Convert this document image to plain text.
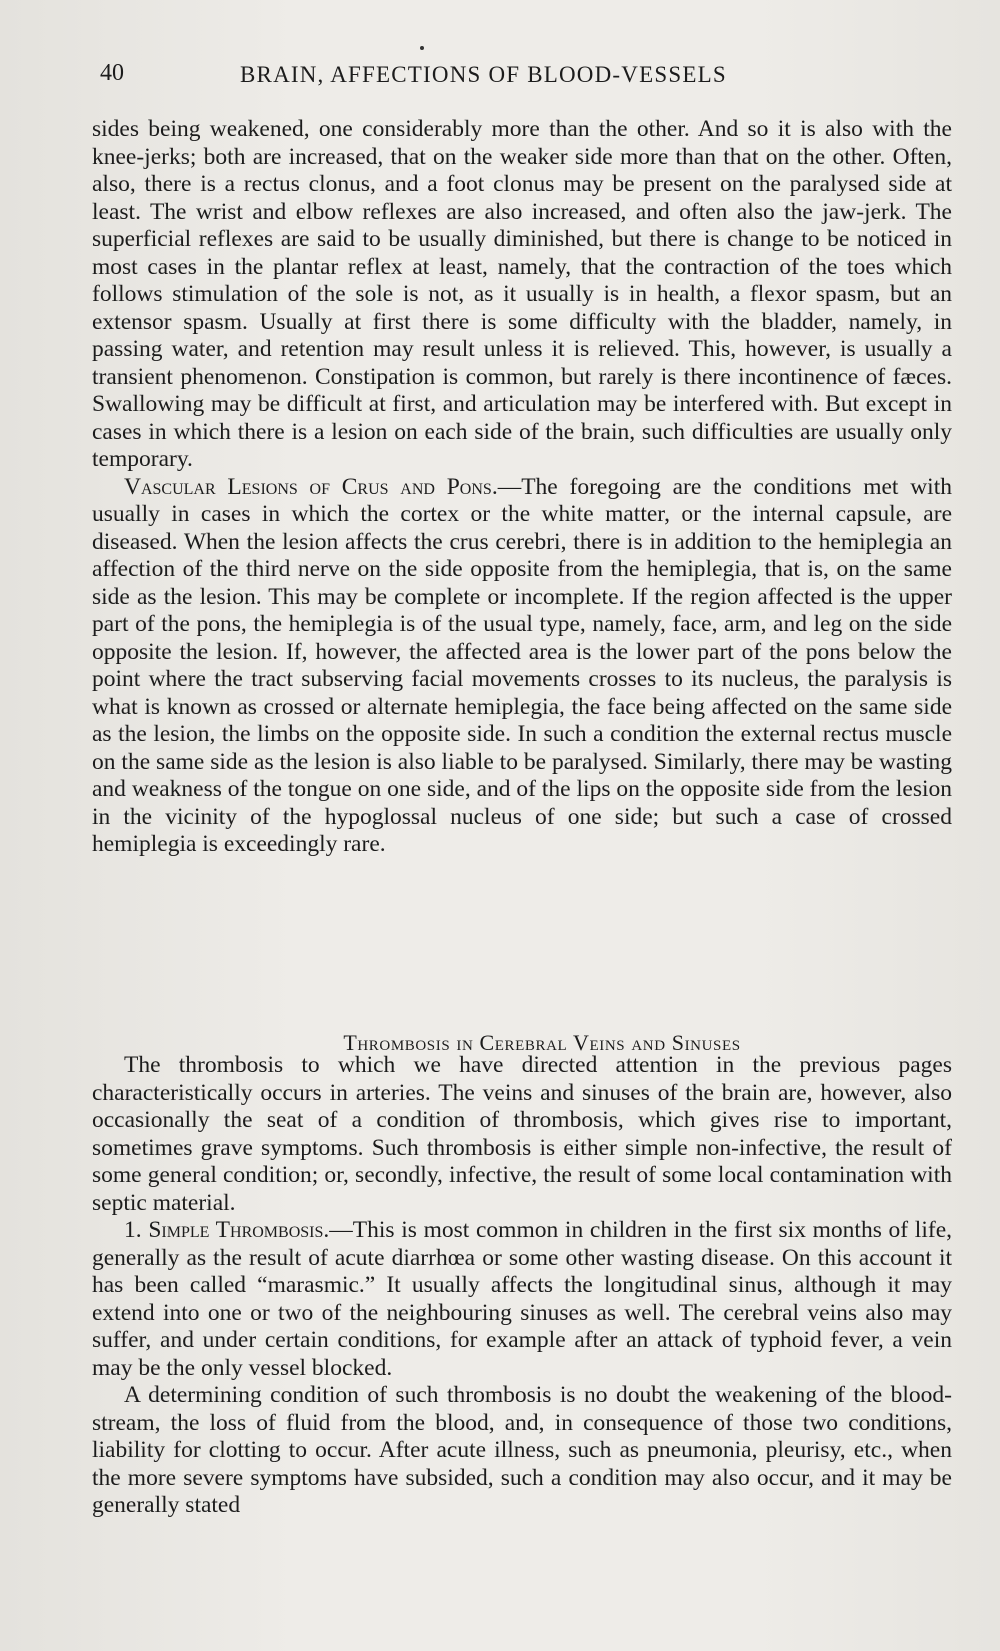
40	BRAIN, AFFECTIONS OF BLOOD-VESSELS

sides being weakened, one considerably more than the other. And so it is also with the knee-jerks; both are increased, that on the weaker side more than that on the other. Often, also, there is a rectus clonus, and a foot clonus may be present on the paralysed side at least. The wrist and elbow reflexes are also increased, and often also the jaw-jerk. The superficial reflexes are said to be usually diminished, but there is change to be noticed in most cases in the plantar reflex at least, namely, that the contraction of the toes which follows stimulation of the sole is not, as it usually is in health, a flexor spasm, but an extensor spasm. Usually at first there is some difficulty with the bladder, namely, in passing water, and retention may result unless it is relieved. This, however, is usually a transient phenomenon. Constipation is common, but rarely is there incontinence of fæces. Swallowing may be difficult at first, and articulation may be interfered with. But except in cases in which there is a lesion on each side of the brain, such difficulties are usually only temporary.

Vascular Lesions of Crus and Pons.—The foregoing are the conditions met with usually in cases in which the cortex or the white matter, or the internal capsule, are diseased. When the lesion affects the crus cerebri, there is in addition to the hemiplegia an affection of the third nerve on the side opposite from the hemiplegia, that is, on the same side as the lesion. This may be complete or incomplete. If the region affected is the upper part of the pons, the hemiplegia is of the usual type, namely, face, arm, and leg on the side opposite the lesion. If, however, the affected area is the lower part of the pons below the point where the tract subserving facial movements crosses to its nucleus, the paralysis is what is known as crossed or alternate hemiplegia, the face being affected on the same side as the lesion, the limbs on the opposite side. In such a condition the external rectus muscle on the same side as the lesion is also liable to be paralysed. Similarly, there may be wasting and weakness of the tongue on one side, and of the lips on the opposite side from the lesion in the vicinity of the hypoglossal nucleus of one side; but such a case of crossed hemiplegia is exceedingly rare.

Thrombosis in Cerebral Veins and Sinuses

The thrombosis to which we have directed attention in the previous pages characteristically occurs in arteries. The veins and sinuses of the brain are, however, also occasionally the seat of a condition of thrombosis, which gives rise to important, sometimes grave symptoms. Such thrombosis is either simple non-infective, the result of some general condition; or, secondly, infective, the result of some local contamination with septic material.

1. Simple Thrombosis.—This is most common in children in the first six months of life, generally as the result of acute diarrhœa or some other wasting disease. On this account it has been called “marasmic.” It usually affects the longitudinal sinus, although it may extend into one or two of the neighbouring sinuses as well. The cerebral veins also may suffer, and under certain conditions, for example after an attack of typhoid fever, a vein may be the only vessel blocked.

A determining condition of such thrombosis is no doubt the weakening of the blood-stream, the loss of fluid from the blood, and, in consequence of those two conditions, liability for clotting to occur. After acute illness, such as pneumonia, pleurisy, etc., when the more severe symptoms have subsided, such a condition may also occur, and it may be generally stated
